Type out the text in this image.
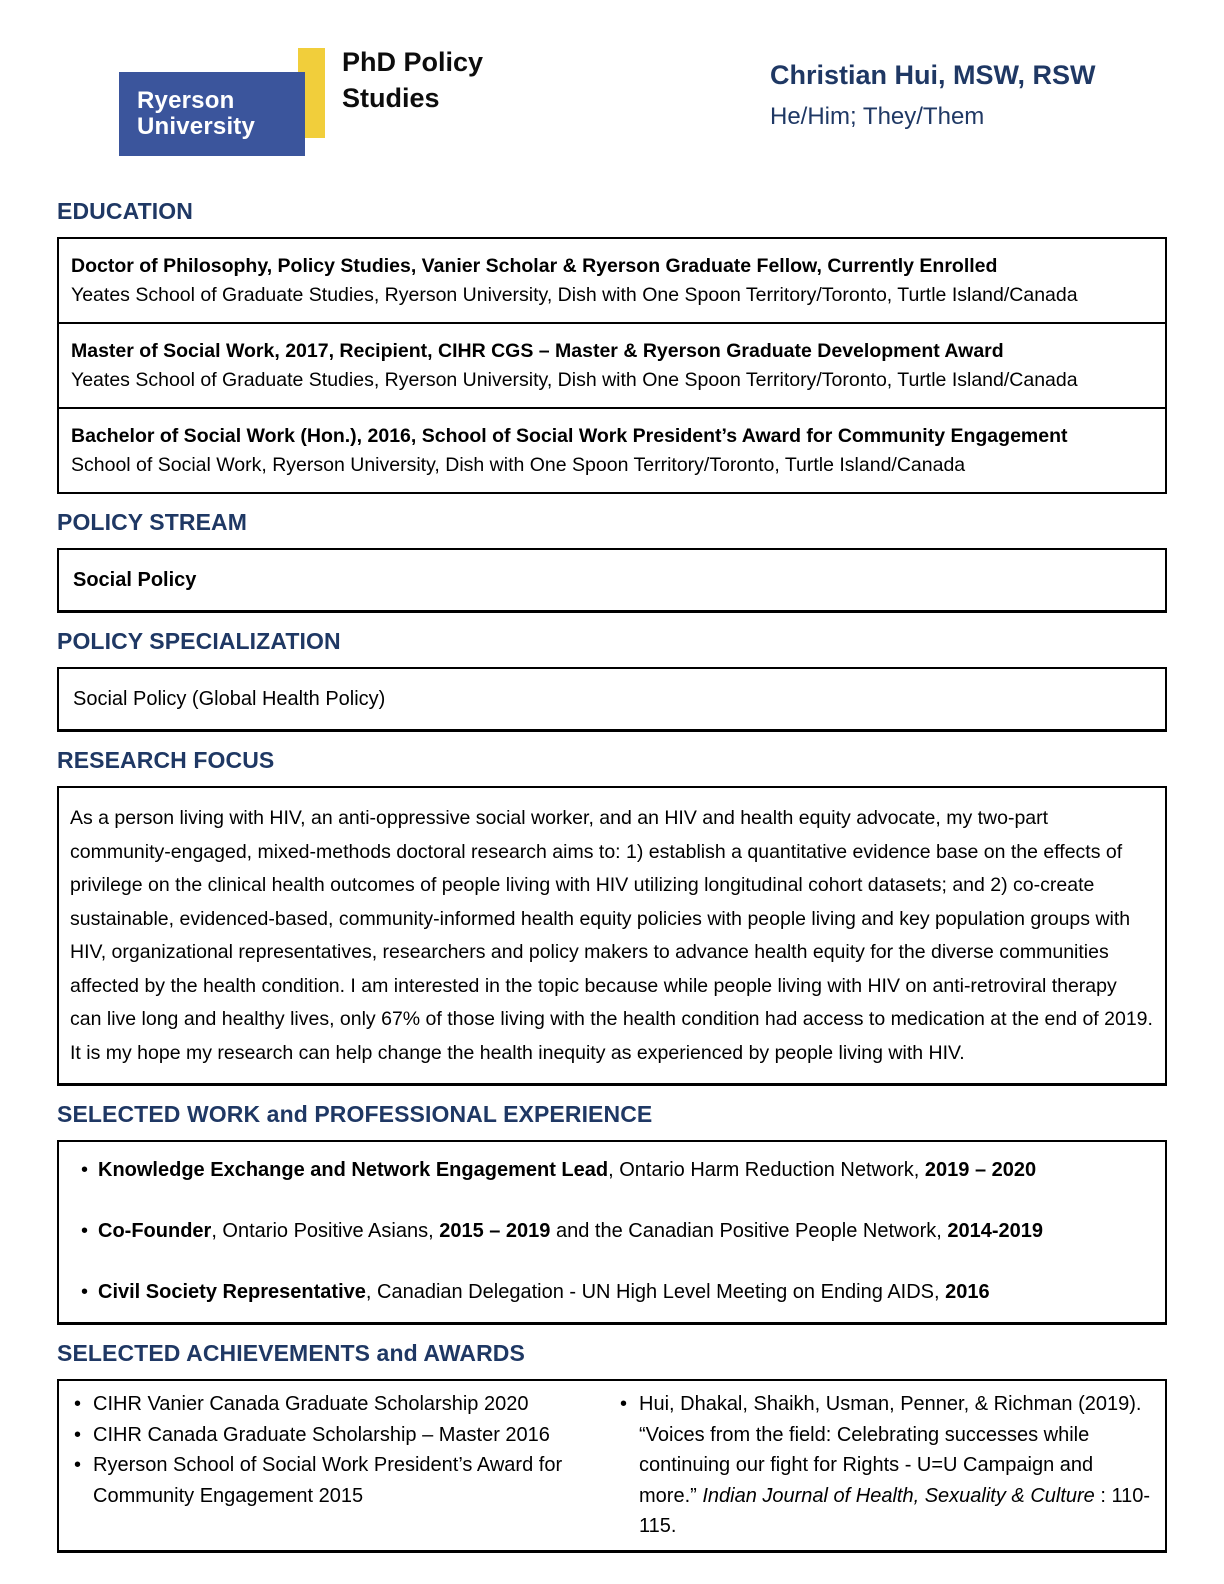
Ryerson
University
PhD Policy
Studies
Christian Hui, MSW, RSW
He/Him; They/Them
EDUCATION
Doctor of Philosophy, Policy Studies, Vanier Scholar & Ryerson Graduate Fellow, Currently Enrolled
Yeates School of Graduate Studies, Ryerson University, Dish with One Spoon Territory/Toronto, Turtle Island/Canada
Master of Social Work, 2017, Recipient, CIHR CGS – Master & Ryerson Graduate Development Award
Yeates School of Graduate Studies, Ryerson University, Dish with One Spoon Territory/Toronto, Turtle Island/Canada
Bachelor of Social Work (Hon.), 2016, School of Social Work President’s Award for Community Engagement
School of Social Work, Ryerson University, Dish with One Spoon Territory/Toronto, Turtle Island/Canada
POLICY STREAM
Social Policy
POLICY SPECIALIZATION
Social Policy (Global Health Policy)
RESEARCH FOCUS

As a person living with HIV, an anti-oppressive social worker, and an HIV and health equity advocate, my two-part community-engaged, mixed-methods doctoral research aims to: 1) establish a quantitative evidence base on the effects of privilege on the clinical health outcomes of people living with HIV utilizing longitudinal cohort datasets; and 2) co-create sustainable, evidenced-based, community-informed health equity policies with people living and key population groups with HIV, organizational representatives, researchers and policy makers to advance health equity for the diverse communities affected by the health condition. I am interested in the topic because while people living with HIV on anti-retroviral therapy can live long and healthy lives, only 67% of those living with the health condition had access to medication at the end of 2019. It is my hope my research can help change the health inequity as experienced by people living with HIV.

SELECTED WORK and PROFESSIONAL EXPERIENCE
• Knowledge Exchange and Network Engagement Lead, Ontario Harm Reduction Network, 2019 – 2020
• Co-Founder, Ontario Positive Asians, 2015 – 2019 and the Canadian Positive People Network, 2014-2019
• Civil Society Representative, Canadian Delegation - UN High Level Meeting on Ending AIDS, 2016
SELECTED ACHIEVEMENTS and AWARDS
• CIHR Vanier Canada Graduate Scholarship 2020
• CIHR Canada Graduate Scholarship – Master 2016
• Ryerson School of Social Work President’s Award for Community Engagement 2015
• Hui, Dhakal, Shaikh, Usman, Penner, & Richman (2019). “Voices from the field: Celebrating successes while continuing our fight for Rights - U=U Campaign and more.” Indian Journal of Health, Sexuality & Culture : 110-115.
